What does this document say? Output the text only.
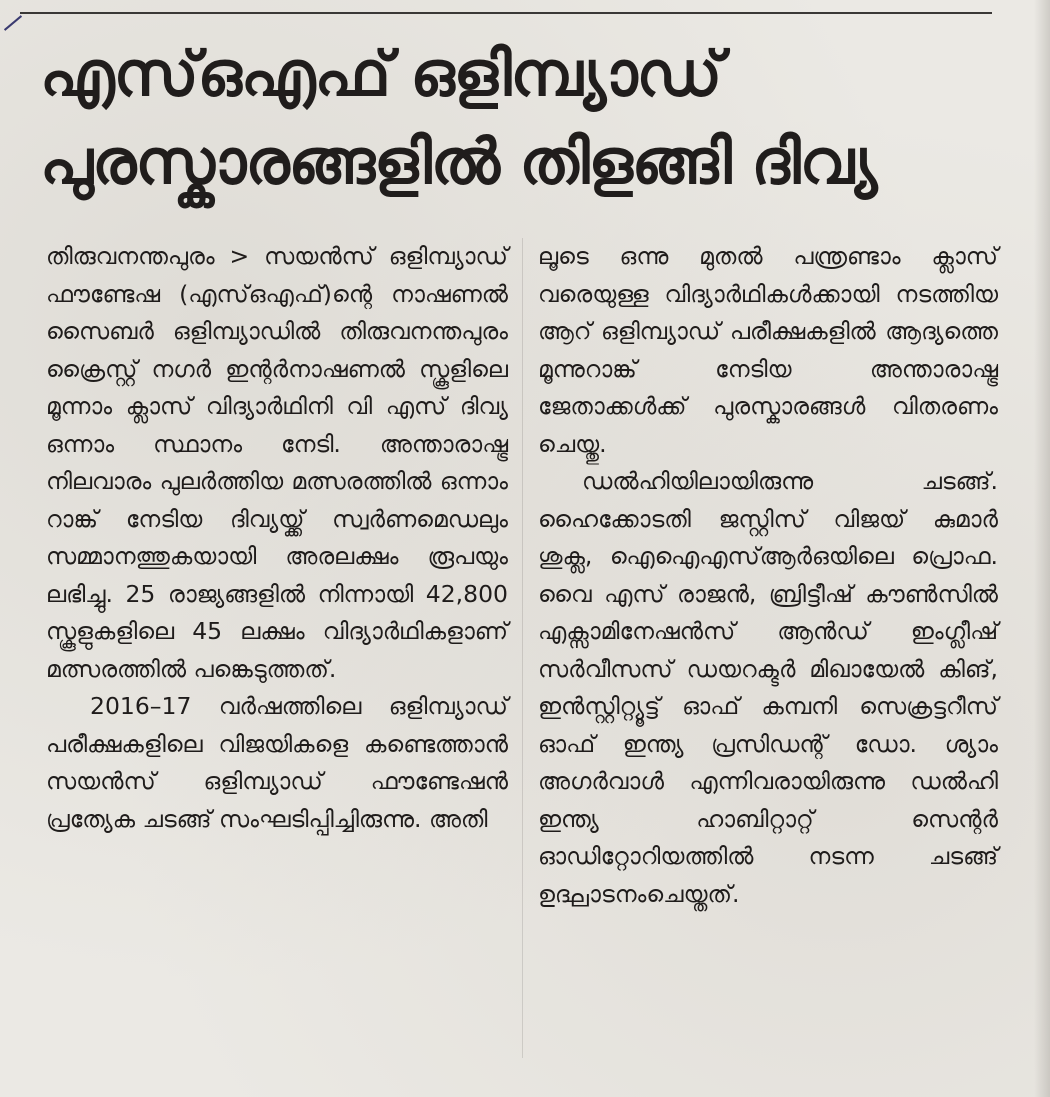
എസ്ഒഎഫ് ഒളിമ്പ്യാഡ്
പുരസ്കാരങ്ങളിൽ തിളങ്ങി ദിവ്യ

തിരുവനന്തപുരം > സയൻസ് ഒളിമ്പ്യാഡ് ഫൗണ്ടേഷ (എസ്ഒഎഫ്)ന്റെ നാഷണൽ സൈബർ ഒളിമ്പ്യാഡിൽ തിരുവനന്തപുരം ക്രൈസ്റ്റ് നഗർ ഇന്റർനാഷണൽ സ്കൂളിലെ മൂന്നാം ക്ലാസ് വിദ്യാർഥിനി വി എസ് ദിവ്യ ഒന്നാം സ്ഥാനം നേടി. അന്താരാഷ്ട്ര നിലവാരം പുലർത്തിയ മത്സരത്തിൽ ഒന്നാം റാങ്ക് നേടിയ ദിവ്യയ്ക്ക് സ്വർണമെഡലും സമ്മാനത്തുകയായി അരലക്ഷം രൂപയും ലഭിച്ചു. 25 രാജ്യങ്ങളിൽ നിന്നായി 42,800 സ്കൂളുകളിലെ 45 ലക്ഷം വിദ്യാർഥികളാണ് മത്സരത്തിൽ പങ്കെടുത്തത്.

2016–17 വർഷത്തിലെ ഒളിമ്പ്യാഡ് പരീക്ഷകളിലെ വിജയികളെ കണ്ടെത്താൻ സയൻസ് ഒളിമ്പ്യാഡ് ഫൗണ്ടേഷൻ പ്രത്യേക ചടങ്ങ് സംഘടിപ്പിച്ചിരുന്നു. അതി

ലൂടെ ഒന്നു മുതൽ പന്ത്രണ്ടാം ക്ലാസ് വരെയുള്ള വിദ്യാർഥികൾക്കായി നടത്തിയ ആറ് ഒളിമ്പ്യാഡ് പരീക്ഷകളിൽ ആദ്യത്തെ മൂന്നുറാങ്ക് നേടിയ അന്താരാഷ്ട്ര ജേതാക്കൾക്ക് പുരസ്കാരങ്ങൾ വിതരണം ചെയ്തു.

ഡൽഹിയിലായിരുന്നു ചടങ്ങ്. ഹൈക്കോടതി ജസ്റ്റിസ് വിജയ് കുമാർ ശുക്ല, ഐഐഎസ്ആർഒയിലെ പ്രൊഫ. വൈ എസ് രാജൻ, ബ്രിട്ടീഷ് കൗൺസിൽ എക്സാമിനേഷൻസ് ആൻഡ് ഇംഗ്ലീഷ് സർവീസസ് ഡയറക്ടർ മിഖായേൽ കിങ്, ഇൻസ്റ്റിറ്റ്യൂട്ട് ഓഫ് കമ്പനി സെക്രട്ടറീസ് ഓഫ് ഇന്ത്യ പ്രസിഡന്റ് ഡോ. ശ്യാം അഗർവാൾ എന്നിവരായിരുന്നു ഡൽഹി ഇന്ത്യ ഹാബിറ്റാറ്റ് സെന്റർ ഓഡിറ്റോറിയത്തിൽ നടന്ന ചടങ്ങ് ഉദ്ഘാടനംചെയ്തത്.
